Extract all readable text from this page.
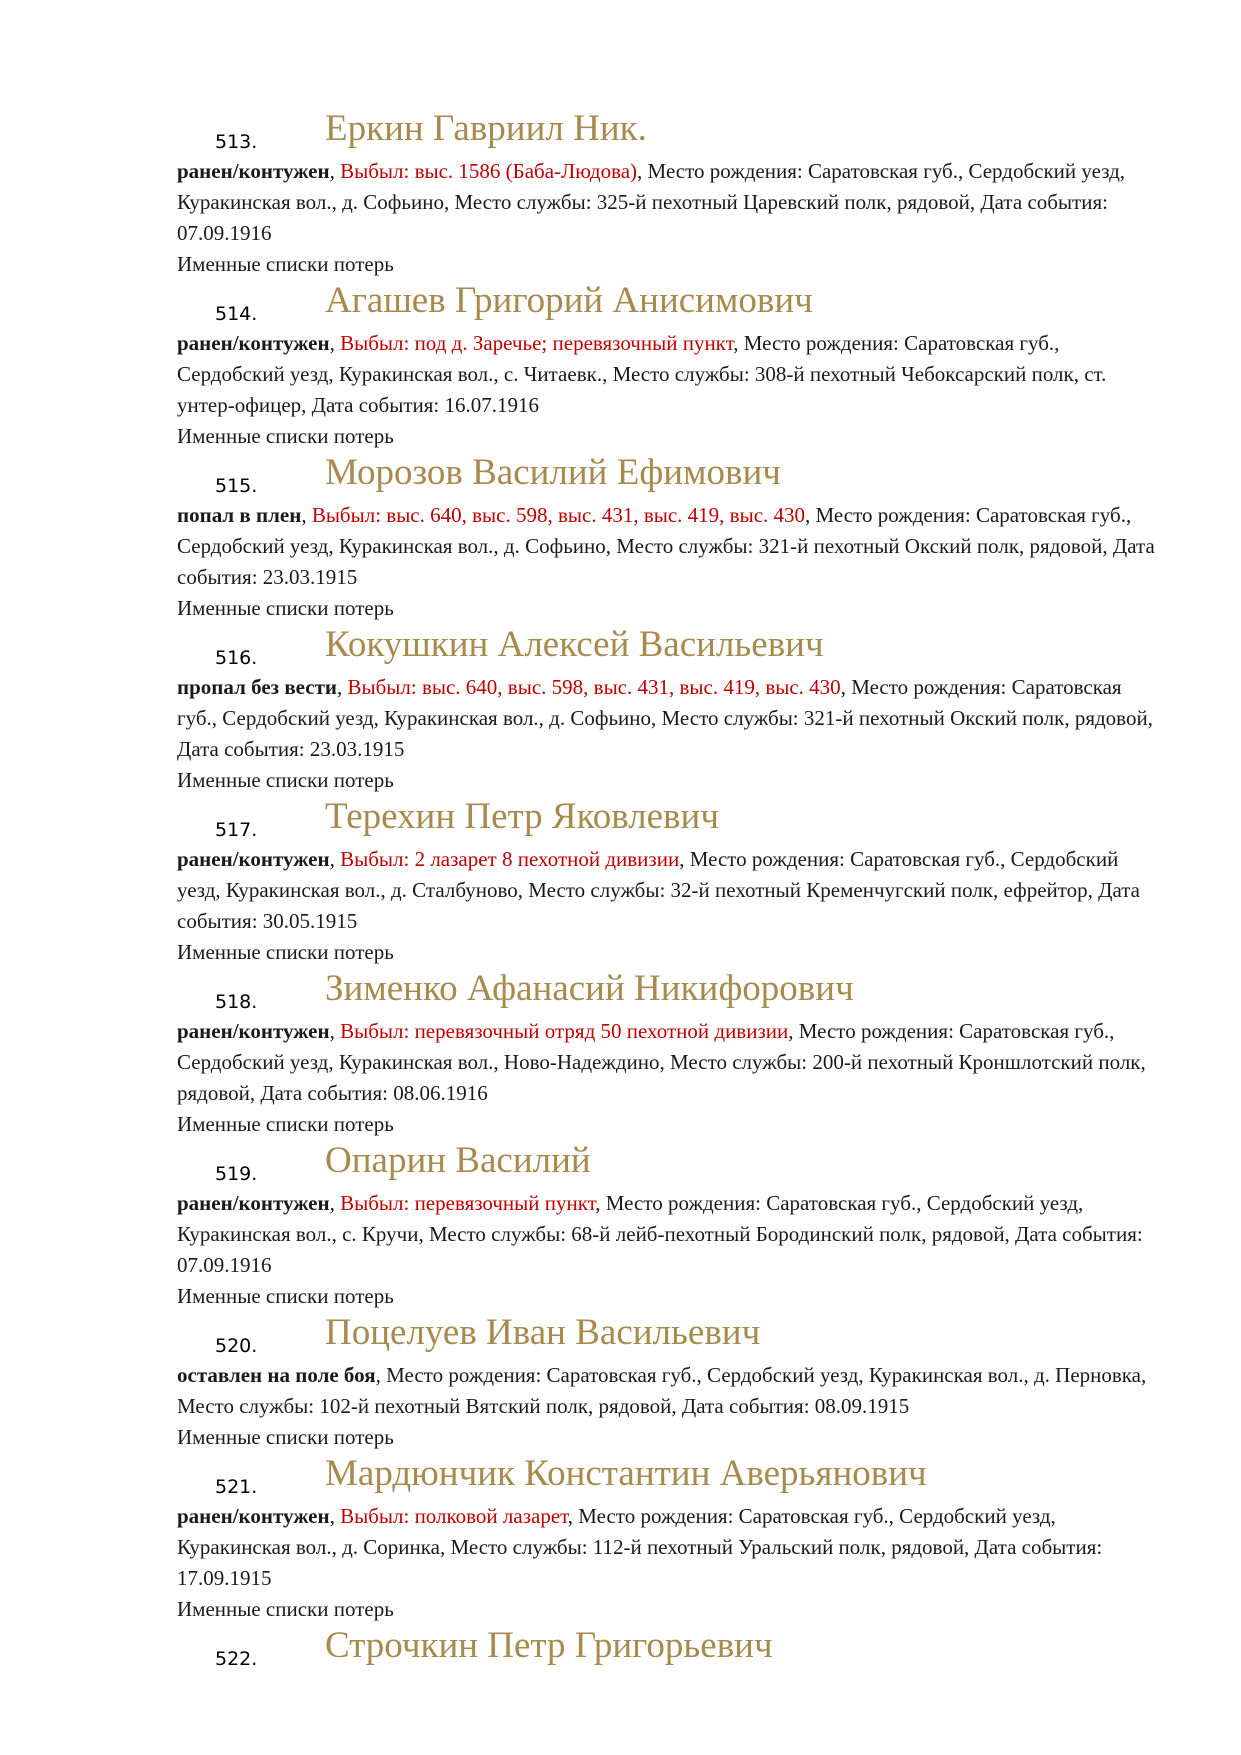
513. Еркин Гавриил Ник.

ранен/контужен, Выбыл: выс. 1586 (Баба-Людова), Место рождения: Саратовская губ., Сердобский уезд, Куракинская вол., д. Софьино, Место службы: 325-й пехотный Царевский полк, рядовой, Дата события: 07.09.1916

Именные списки потерь

514. Агашев Григорий Анисимович

ранен/контужен, Выбыл: под д. Заречье; перевязочный пункт, Место рождения: Саратовская губ., Сердобский уезд, Куракинская вол., с. Читаевк., Место службы: 308-й пехотный Чебоксарский полк, ст. унтер-офицер, Дата события: 16.07.1916

Именные списки потерь

515. Морозов Василий Ефимович

попал в плен, Выбыл: выс. 640, выс. 598, выс. 431, выс. 419, выс. 430, Место рождения: Саратовская губ., Сердобский уезд, Куракинская вол., д. Софьино, Место службы: 321-й пехотный Окский полк, рядовой, Дата события: 23.03.1915

Именные списки потерь

516. Кокушкин Алексей Васильевич

пропал без вести, Выбыл: выс. 640, выс. 598, выс. 431, выс. 419, выс. 430, Место рождения: Саратовская губ., Сердобский уезд, Куракинская вол., д. Софьино, Место службы: 321-й пехотный Окский полк, рядовой, Дата события: 23.03.1915

Именные списки потерь

517. Терехин Петр Яковлевич

ранен/контужен, Выбыл: 2 лазарет 8 пехотной дивизии, Место рождения: Саратовская губ., Сердобский уезд, Куракинская вол., д. Сталбуново, Место службы: 32-й пехотный Кременчугский полк, ефрейтор, Дата события: 30.05.1915

Именные списки потерь

518. Зименко Афанасий Никифорович

ранен/контужен, Выбыл: перевязочный отряд 50 пехотной дивизии, Место рождения: Саратовская губ., Сердобский уезд, Куракинская вол., Ново-Надеждино, Место службы: 200-й пехотный Кроншлотский полк, рядовой, Дата события: 08.06.1916

Именные списки потерь

519. Опарин Василий

ранен/контужен, Выбыл: перевязочный пункт, Место рождения: Саратовская губ., Сердобский уезд, Куракинская вол., с. Кручи, Место службы: 68-й лейб-пехотный Бородинский полк, рядовой, Дата события: 07.09.1916

Именные списки потерь

520. Поцелуев Иван Васильевич

оставлен на поле боя, Место рождения: Саратовская губ., Сердобский уезд, Куракинская вол., д. Перновка, Место службы: 102-й пехотный Вятский полк, рядовой, Дата события: 08.09.1915

Именные списки потерь

521. Мардюнчик Константин Аверьянович

ранен/контужен, Выбыл: полковой лазарет, Место рождения: Саратовская губ., Сердобский уезд, Куракинская вол., д. Соринка, Место службы: 112-й пехотный Уральский полк, рядовой, Дата события: 17.09.1915

Именные списки потерь

522. Строчкин Петр Григорьевич
